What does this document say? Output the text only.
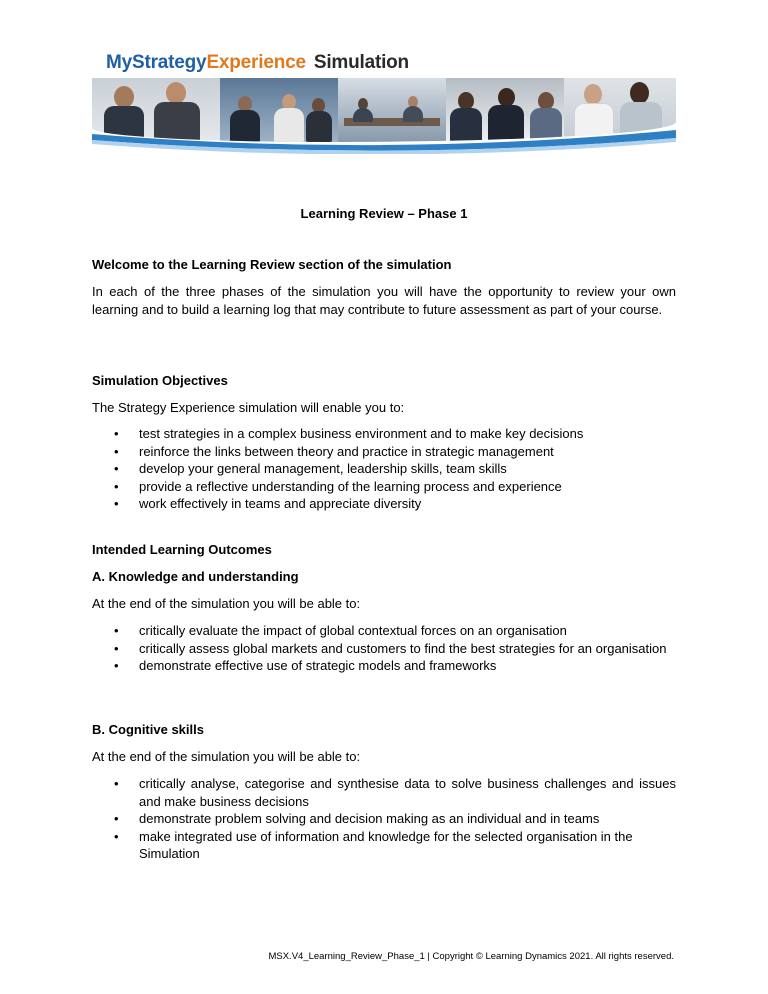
MyStrategyExperience Simulation
Learning Review – Phase 1
Welcome to the Learning Review section of the simulation
In each of the three phases of the simulation you will have the opportunity to review your own learning and to build a learning log that may contribute to future assessment as part of your course.
Simulation Objectives
The Strategy Experience simulation will enable you to:
• test strategies in a complex business environment and to make key decisions
• reinforce the links between theory and practice in strategic management
• develop your general management, leadership skills, team skills
• provide a reflective understanding of the learning process and experience
• work effectively in teams and appreciate diversity
Intended Learning Outcomes
A. Knowledge and understanding
At the end of the simulation you will be able to:
• critically evaluate the impact of global contextual forces on an organisation
• critically assess global markets and customers to find the best strategies for an organisation
• demonstrate effective use of strategic models and frameworks
B. Cognitive skills
At the end of the simulation you will be able to:
• critically analyse, categorise and synthesise data to solve business challenges and issues and make business decisions
• demonstrate problem solving and decision making as an individual and in teams
• make integrated use of information and knowledge for the selected organisation in the Simulation
MSX.V4_Learning_Review_Phase_1 | Copyright © Learning Dynamics 2021. All rights reserved.
